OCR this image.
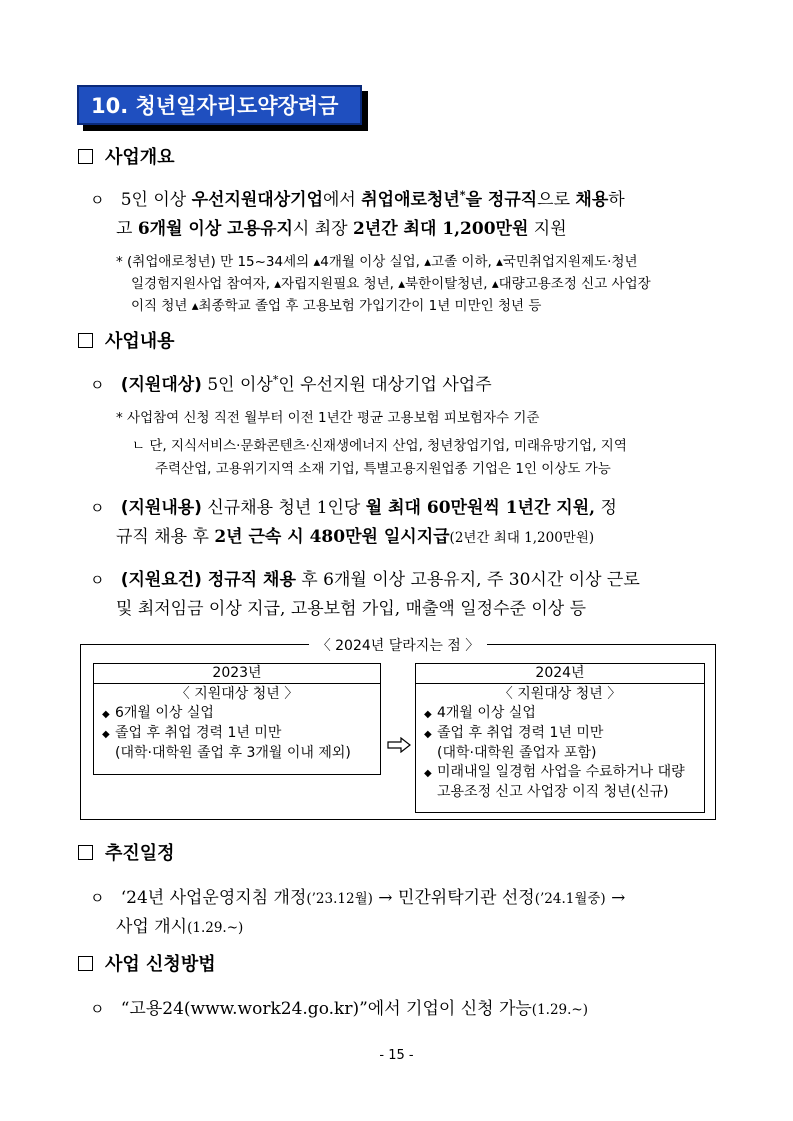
10. 청년일자리도약장려금
사업개요
ㅇ 5인 이상 우선지원대상기업에서 취업애로청년*을 정규직으로 채용하
고 6개월 이상 고용유지시 최장 2년간 최대 1,200만원 지원
* (취업애로청년) 만 15~34세의 ▴4개월 이상 실업, ▴고졸 이하, ▴국민취업지원제도·청년
일경험지원사업 참여자, ▴자립지원필요 청년, ▴북한이탈청년, ▴대량고용조정 신고 사업장
이직 청년 ▴최종학교 졸업 후 고용보험 가입기간이 1년 미만인 청년 등
사업내용
ㅇ (지원대상) 5인 이상*인 우선지원 대상기업 사업주
* 사업참여 신청 직전 월부터 이전 1년간 평균 고용보험 피보험자수 기준
ㄴ 단, 지식서비스·문화콘텐츠·신재생에너지 산업, 청년창업기업, 미래유망기업, 지역
주력산업, 고용위기지역 소재 기업, 특별고용지원업종 기업은 1인 이상도 가능
ㅇ (지원내용) 신규채용 청년 1인당 월 최대 60만원씩 1년간 지원, 정
규직 채용 후 2년 근속 시 480만원 일시지급(2년간 최대 1,200만원)
ㅇ (지원요건) 정규직 채용 후 6개월 이상 고용유지, 주 30시간 이상 근로
및 최저임금 이상 지급, 고용보험 가입, 매출액 일정수준 이상 등
〈 2024년 달라지는 점 〉
2023년
〈 지원대상 청년 〉
◆ 6개월 이상 실업
◆ 졸업 후 취업 경력 1년 미만
(대학·대학원 졸업 후 3개월 이내 제외)
2024년
〈 지원대상 청년 〉
◆ 4개월 이상 실업
◆ 졸업 후 취업 경력 1년 미만
(대학·대학원 졸업자 포함)
◆ 미래내일 일경험 사업을 수료하거나 대량
고용조정 신고 사업장 이직 청년(신규)
추진일정
ㅇ ‘24년 사업운영지침 개정(’23.12월) → 민간위탁기관 선정(’24.1월중) →
사업 개시(1.29.~)
사업 신청방법
ㅇ “고용24(www.work24.go.kr)”에서 기업이 신청 가능(1.29.~)
- 15 -
